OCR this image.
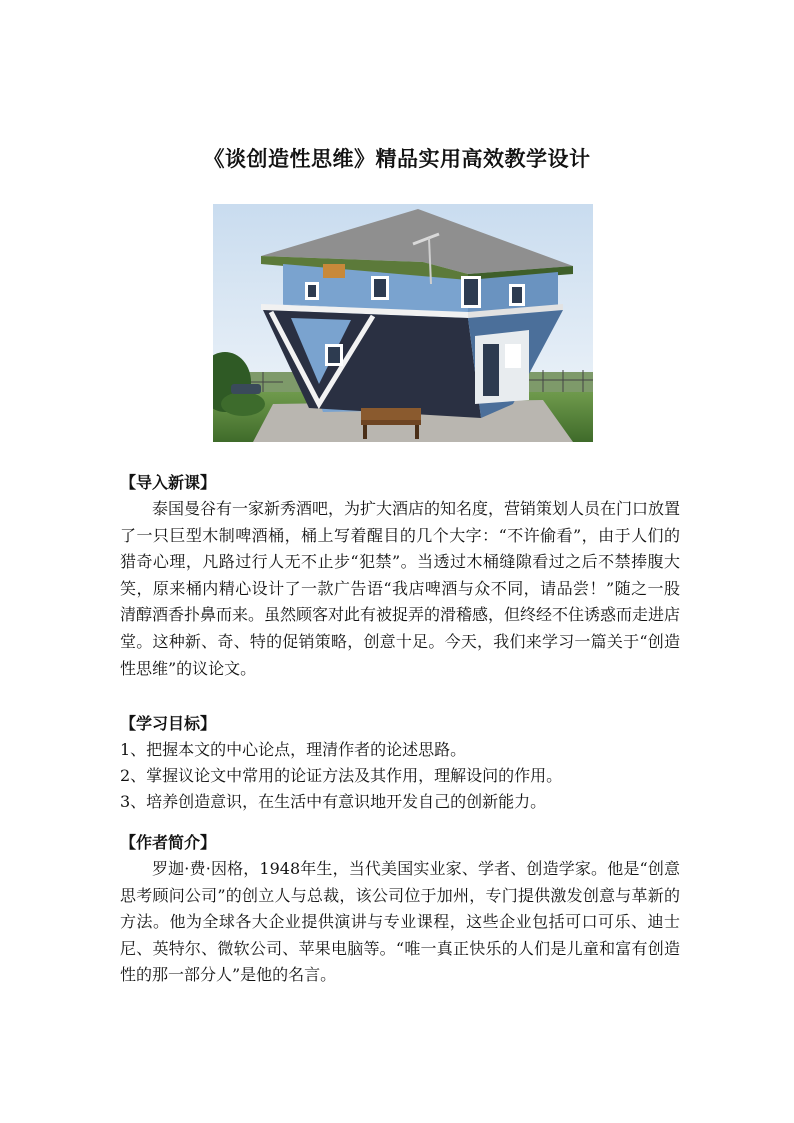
《谈创造性思维》精品实用高效教学设计
【导入新课】
泰国曼谷有一家新秀酒吧，为扩大酒店的知名度，营销策划人员在门口放置了一只巨型木制啤酒桶，桶上写着醒目的几个大字：“不许偷看”，由于人们的猎奇心理，凡路过行人无不止步“犯禁”。当透过木桶缝隙看过之后不禁捧腹大笑，原来桶内精心设计了一款广告语“我店啤酒与众不同，请品尝！”随之一股清醇酒香扑鼻而来。虽然顾客对此有被捉弄的滑稽感，但终经不住诱惑而走进店堂。这种新、奇、特的促销策略，创意十足。今天，我们来学习一篇关于“创造性思维”的议论文。
【学习目标】
1、把握本文的中心论点，理清作者的论述思路。
2、掌握议论文中常用的论证方法及其作用，理解设问的作用。
3、培养创造意识，在生活中有意识地开发自己的创新能力。
【作者简介】
罗迦·费·因格，1948年生，当代美国实业家、学者、创造学家。他是“创意思考顾问公司”的创立人与总裁，该公司位于加州，专门提供激发创意与革新的方法。他为全球各大企业提供演讲与专业课程，这些企业包括可口可乐、迪士尼、英特尔、微软公司、苹果电脑等。“唯一真正快乐的人们是儿童和富有创造性的那一部分人”是他的名言。
